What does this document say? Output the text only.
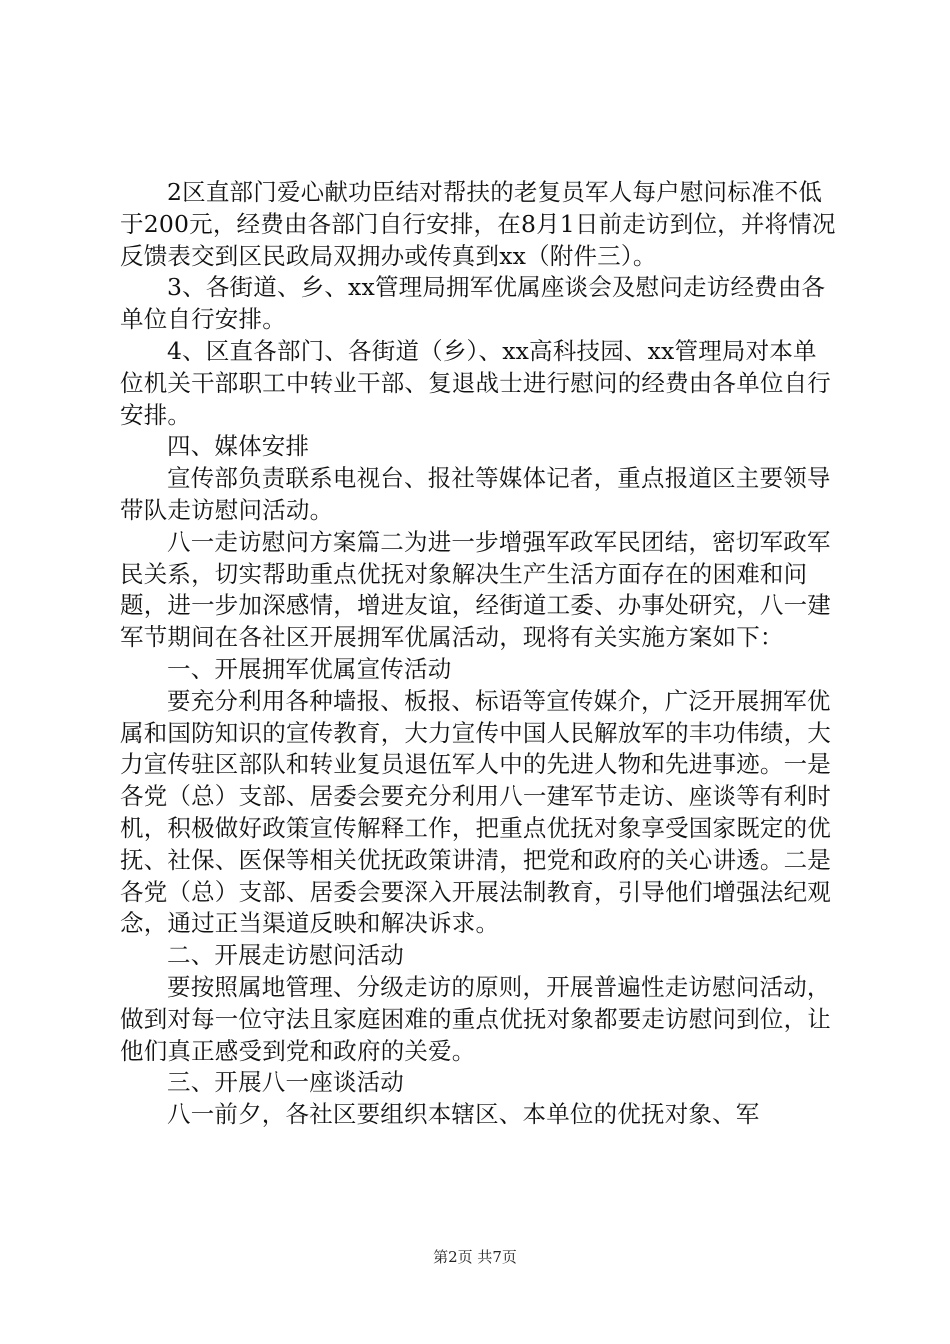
2区直部门爱心献功臣结对帮扶的老复员军人每户慰问标准不低于200元，经费由各部门自行安排，在8月1日前走访到位，并将情况反馈表交到区民政局双拥办或传真到xx（附件三）。

3、各街道、乡、xx管理局拥军优属座谈会及慰问走访经费由各单位自行安排。

4、区直各部门、各街道（乡）、xx高科技园、xx管理局对本单位机关干部职工中转业干部、复退战士进行慰问的经费由各单位自行安排。

四、媒体安排

宣传部负责联系电视台、报社等媒体记者，重点报道区主要领导带队走访慰问活动。

八一走访慰问方案篇二为进一步增强军政军民团结，密切军政军民关系，切实帮助重点优抚对象解决生产生活方面存在的困难和问题，进一步加深感情，增进友谊，经街道工委、办事处研究，八一建军节期间在各社区开展拥军优属活动，现将有关实施方案如下：

一、开展拥军优属宣传活动

要充分利用各种墙报、板报、标语等宣传媒介，广泛开展拥军优属和国防知识的宣传教育，大力宣传中国人民解放军的丰功伟绩，大力宣传驻区部队和转业复员退伍军人中的先进人物和先进事迹。一是各党（总）支部、居委会要充分利用八一建军节走访、座谈等有利时机，积极做好政策宣传解释工作，把重点优抚对象享受国家既定的优抚、社保、医保等相关优抚政策讲清，把党和政府的关心讲透。二是各党（总）支部、居委会要深入开展法制教育，引导他们增强法纪观念，通过正当渠道反映和解决诉求。

二、开展走访慰问活动

要按照属地管理、分级走访的原则，开展普遍性走访慰问活动，做到对每一位守法且家庭困难的重点优抚对象都要走访慰问到位，让他们真正感受到党和政府的关爱。

三、开展八一座谈活动

八一前夕，各社区要组织本辖区、本单位的优抚对象、军

第2页 共7页
